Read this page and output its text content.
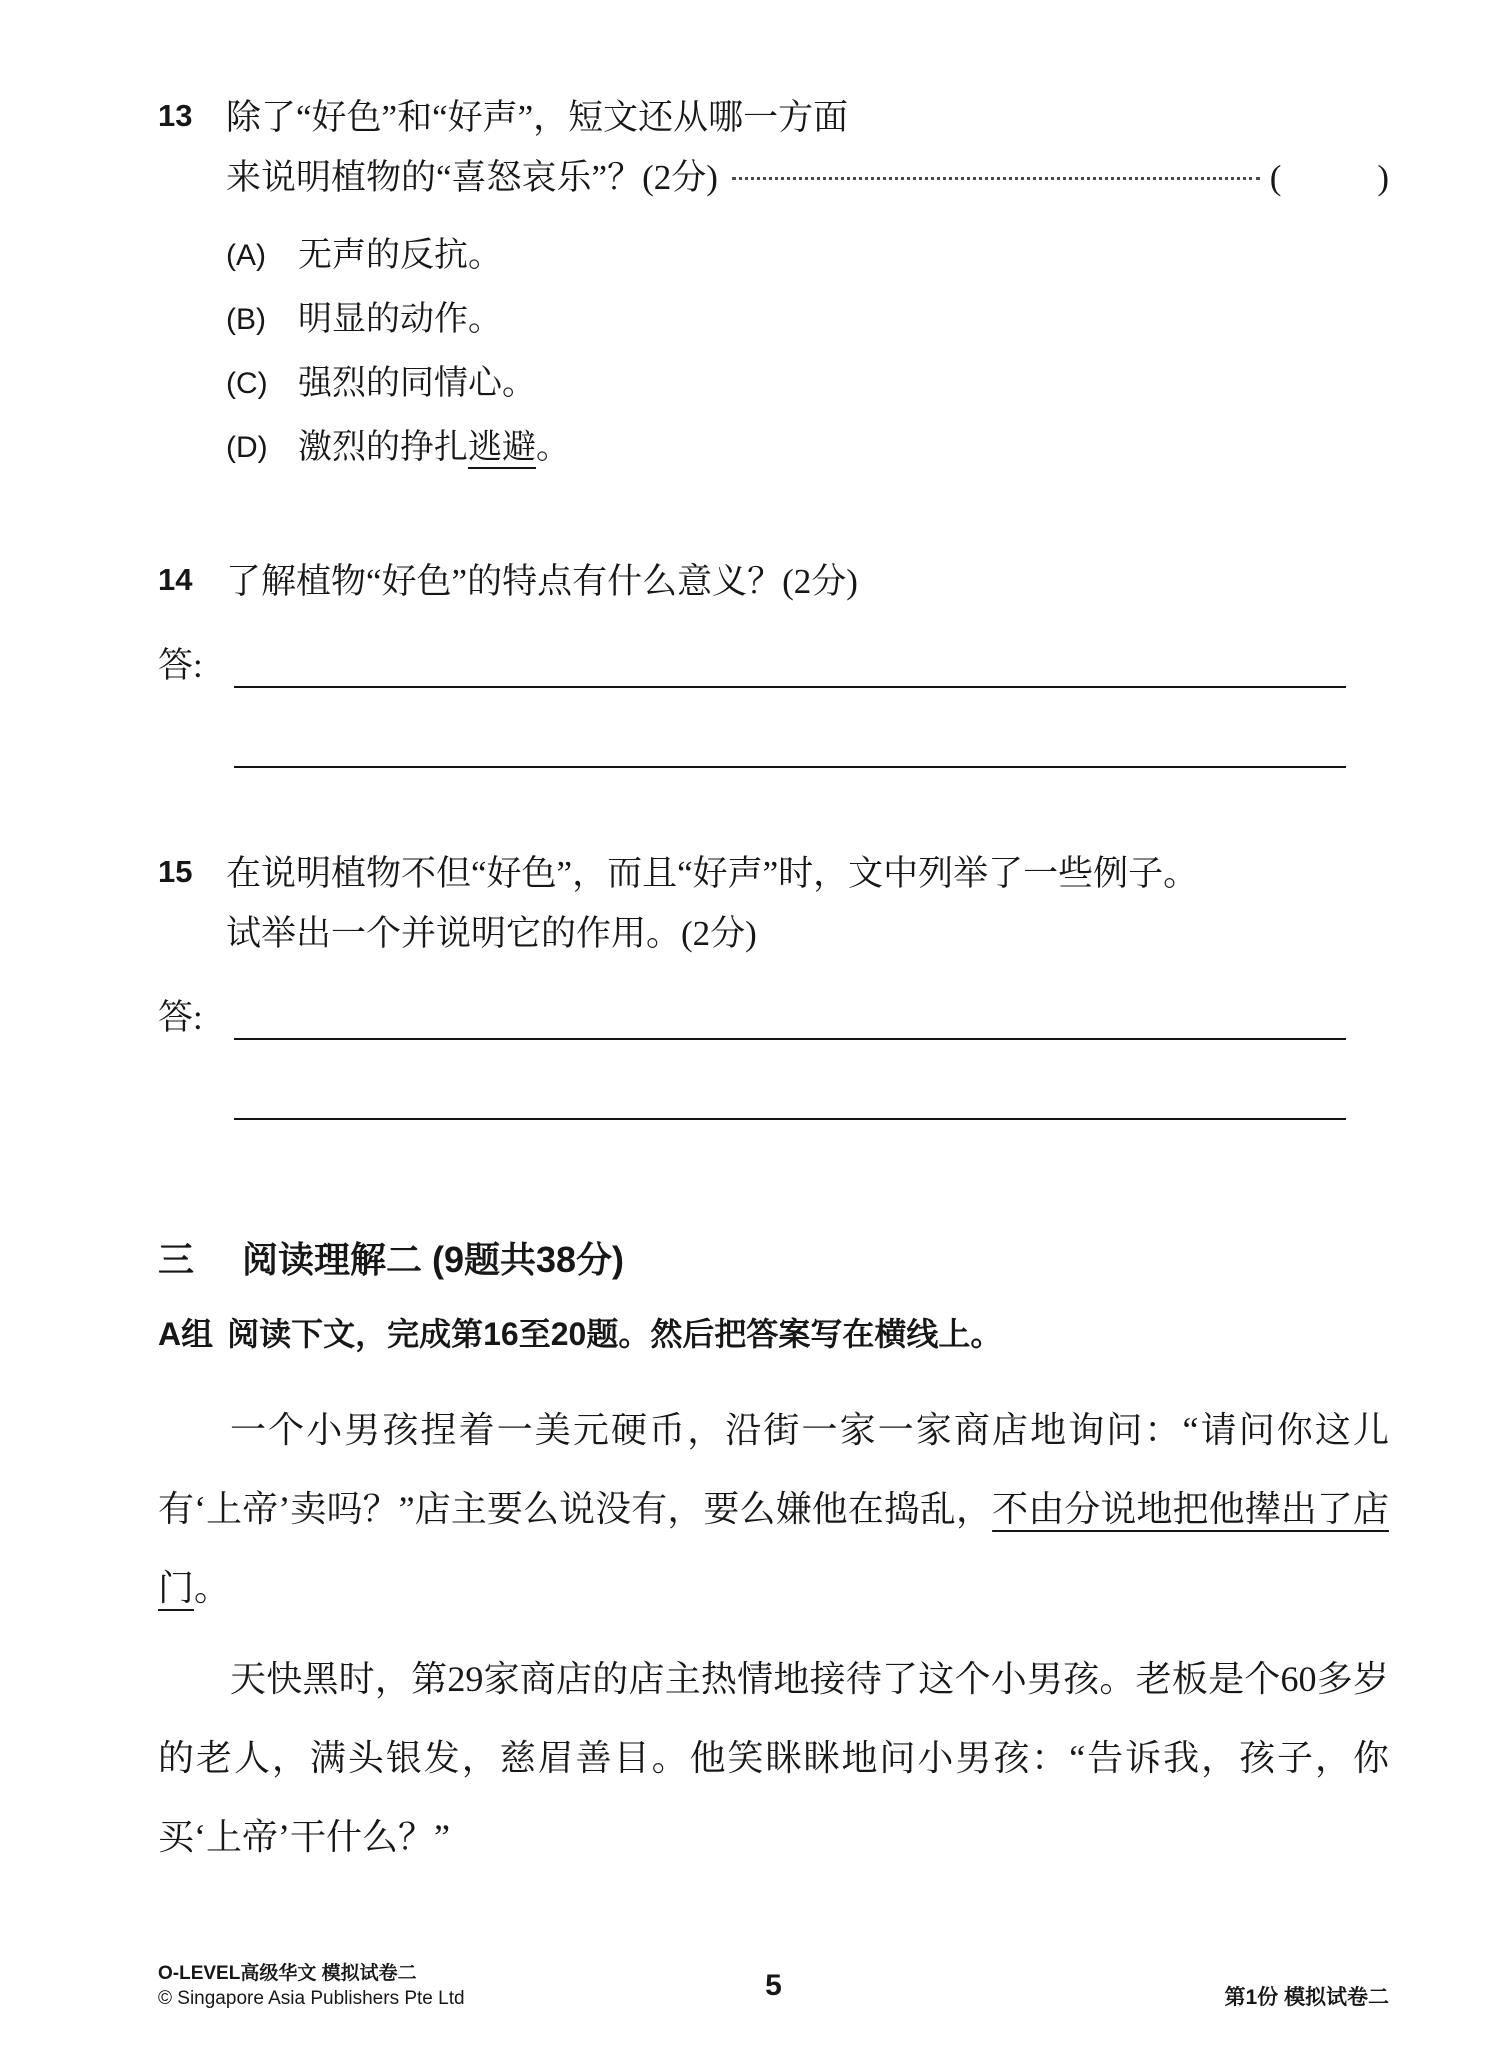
13 除了“好色”和“好声”，短文还从哪一方面
来说明植物的“喜怒哀乐”？(2分)	(	)
(A) 无声的反抗。
(B) 明显的动作。
(C) 强烈的同情心。
(D) 激烈的挣扎逃避。
14 了解植物“好色”的特点有什么意义？(2分)
答:
15 在说明植物不但“好色”，而且“好声”时，文中列举了一些例子。
试举出一个并说明它的作用。(2分)
答:
三	阅读理解二 (9题共38分)
A组 阅读下文，完成第16至20题。然后把答案写在横线上。

一个小男孩捏着一美元硬币，沿街一家一家商店地询问：“请问你这儿有‘上帝’卖吗？”店主要么说没有，要么嫌他在捣乱，不由分说地把他撵出了店门。

天快黑时，第29家商店的店主热情地接待了这个小男孩。老板是个60多岁的老人，满头银发，慈眉善目。他笑眯眯地问小男孩：“告诉我，孩子，你买‘上帝’干什么？”

O-LEVEL高级华文 模拟试卷二
© Singapore Asia Publishers Pte Ltd	5	第1份 模拟试卷二
